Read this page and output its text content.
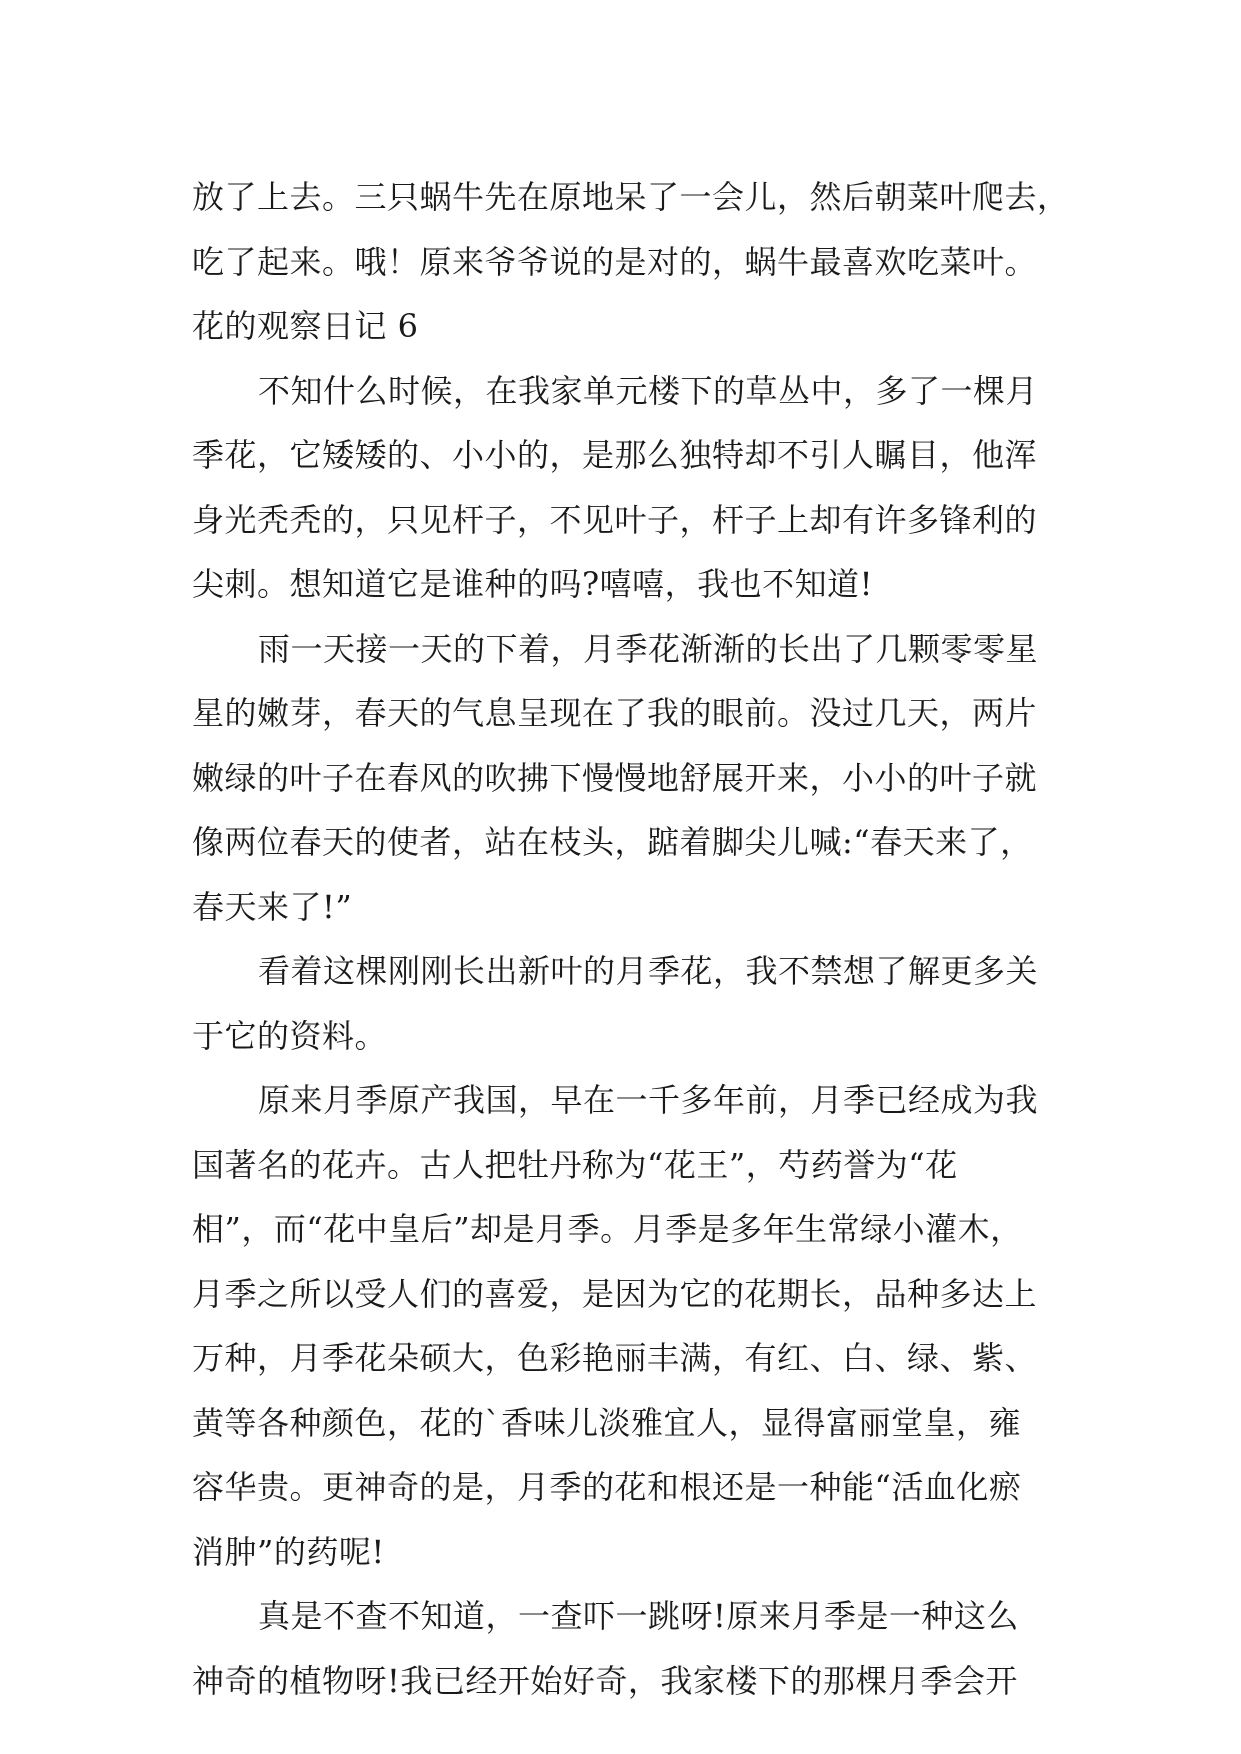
放了上去。三只蜗牛先在原地呆了一会儿，然后朝菜叶爬去，
吃了起来。哦！原来爷爷说的是对的，蜗牛最喜欢吃菜叶。
花的观察日记 6
不知什么时候，在我家单元楼下的草丛中，多了一棵月
季花，它矮矮的、小小的，是那么独特却不引人瞩目，他浑
身光秃秃的，只见杆子，不见叶子，杆子上却有许多锋利的
尖刺。想知道它是谁种的吗?嘻嘻，我也不知道!
雨一天接一天的下着，月季花渐渐的长出了几颗零零星
星的嫩芽，春天的气息呈现在了我的眼前。没过几天，两片
嫩绿的叶子在春风的吹拂下慢慢地舒展开来，小小的叶子就
像两位春天的使者，站在枝头，踮着脚尖儿喊:“春天来了，
春天来了!”
看着这棵刚刚长出新叶的月季花，我不禁想了解更多关
于它的资料。
原来月季原产我国，早在一千多年前，月季已经成为我
国著名的花卉。古人把牡丹称为“花王”，芍药誉为“花
相”，而“花中皇后”却是月季。月季是多年生常绿小灌木，
月季之所以受人们的喜爱，是因为它的花期长，品种多达上
万种，月季花朵硕大，色彩艳丽丰满，有红、白、绿、紫、
黄等各种颜色，花的`香味儿淡雅宜人，显得富丽堂皇，雍
容华贵。更神奇的是，月季的花和根还是一种能“活血化瘀
消肿”的药呢!
真是不查不知道，一查吓一跳呀!原来月季是一种这么
神奇的植物呀!我已经开始好奇，我家楼下的那棵月季会开
